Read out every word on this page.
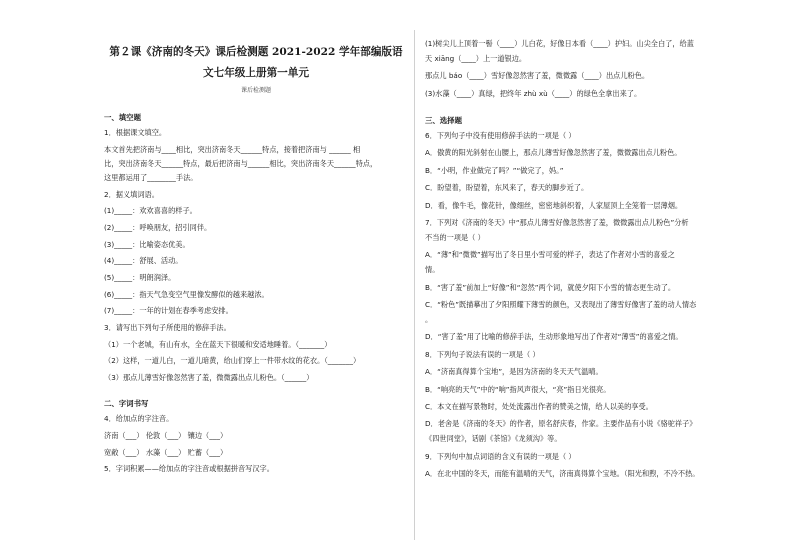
第２课《济南的冬天》课后检测题 2021-2022 学年部编版语

文七年级上册第一单元

课后检测题
一、填空题

1．根据课文填空。

本文首先把济南与____相比，突出济南冬天______特点，接着把济南与 ______ 相

比，突出济南冬天______特点，最后把济南与______相比，突出济南冬天______特点，

这里都运用了________手法。

2．据义填词语。

(1)_____：欢欢喜喜的样子。

(2)_____：呼唤朋友，招引同伴。

(3)_____：比喻姿态优美。

(4)_____：舒展、活动。

(5)_____：明朗润泽。

(6)_____：指天气急变空气里像发酵似的越来越浓。

(7)_____：一年的计划在春季考虑安排。

3．请写出下列句子所使用的修辞手法。

（1）一个老城，有山有水，全在蓝天下很暖和安适地睡着。（_______）

（2）这样，一道儿白，一道儿暗黄，给山们穿上一件带水纹的花衣。（_______）

（3）那点儿薄雪好像忽然害了羞，微微露出点儿粉色。（______）

二、字词书写

4．给加点的字注音。

济南（___） 伦敦（___） 镶边（___）

宽敞（___） 水藻（___） 贮蓄（___）

5．字词积累——给加点的字注音或根据拼音写汉字。

(1)树尖儿上顶着一髻（____）儿白花，好像日本看（____）护妇。山尖全白了，给蓝

天 xiāng（____）上一道银边。

那点儿 báo（____）雪好像忽然害了羞，微微露（____）出点儿粉色。

(3)水藻（____）真绿，把终年 zhù xù（____）的绿色全拿出来了。

三、选择题

6．下列句子中没有使用修辞手法的一项是（ ）

A．傲黄的阳光斜射在山腰上，那点儿薄雪好像忽然害了羞，微微露出点儿粉色。

B．“小明，作业做完了吗？”“做完了，妈。”

C．盼望着，盼望着，东风来了，春天的脚步近了。

D．看，像牛毛，像花针，像细丝，密密地斜织着，人家屋顶上全笼着一层薄烟。

7．下列对《济南的冬天》中“那点儿薄雪好像忽然害了羞，微微露出点儿粉色”分析

不当的一项是（ ）

A．“薄”和“微微”描写出了冬日里小雪可爱的样子，表达了作者对小雪的喜爱之

情。

B．“害了羞”前加上“好像”和“忽然”两个词，就使夕阳下小雪的情态更生动了。

C．“粉色”既描摹出了夕阳照耀下薄雪的颜色，又表现出了薄雪好像害了羞的动人情态

。

D．“害了羞”用了比喻的修辞手法，生动形象地写出了作者对“薄雪”的喜爱之情。

8．下列句子说法有误的一项是（ ）

A．“济南真得算个宝地”，是因为济南的冬天天气温晴。

B．“响亮的天气”中的“响”指风声很大，“亮”指日光很亮。

C．本文在描写景物时，处处流露出作者的赞美之情，给人以美的享受。

D．老舍是《济南的冬天》的作者，原名舒庆春，作家。主要作品有小说《骆驼祥子》

《四世同堂》，话剧《茶馆》《龙须沟》等。

9．下列句中加点词语的含义有误的一项是（ ）

A．在北中国的冬天，而能有温晴的天气，济南真得算个宝地。（阳光和煦，不冷不热。
